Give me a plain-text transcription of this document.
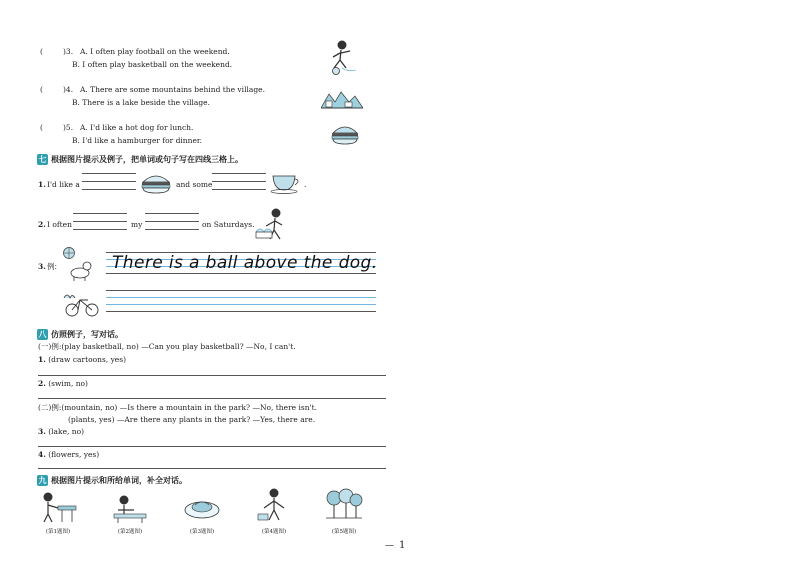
(	)3. A. I often play football on the weekend.
B. I often play basketball on the weekend.
(	)4. A. There are some mountains behind the village.
B. There is a lake beside the village.
(	)5. A. I'd like a hot dog for lunch.
B. I'd like a hamburger for dinner.
七 根据图片提示及例子，把单词或句子写在四线三格上。
1. I'd like a	and some	.
2. I often	my	on Saturdays.
3. 例:	There is a ball above the dog.
八 仿照例子，写对话。
(一)例:(play basketball, no) —Can you play basketball? —No, I can't.
1. (draw cartoons, yes)
2. (swim, no)
(二)例:(mountain, no) —Is there a mountain in the park? —No, there isn't.
(plants, yes) —Are there any plants in the park? —Yes, there are.
3. (lake, no)
4. (flowers, yes)
九 根据图片提示和所给单词，补全对话。
(第1题图)	(第2题图)	(第3题图)	(第4题图)	(第5题图)
— 1
